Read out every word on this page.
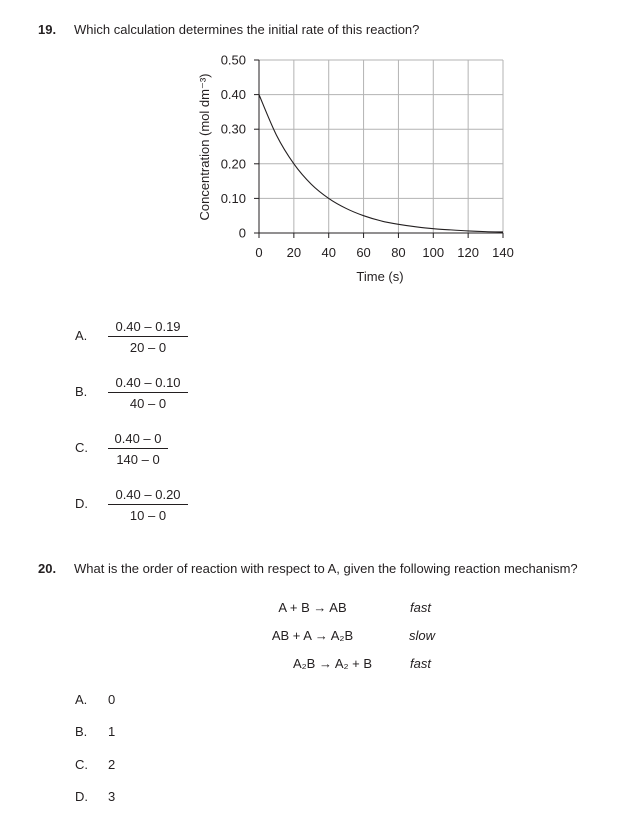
19. Which calculation determines the initial rate of this reaction?
0 20 40 60 80 100 120 140
0
0.10
0.20
0.30
0.40
0.50
Time (s)
Concentration (mol dm⁻³)
A. $\frac{0.40 - 0.19}{20 - 0}$
B. $\frac{0.40 - 0.10}{40 - 0}$
C. $\frac{0.40 - 0}{140 - 0}$
D. $\frac{0.40 - 0.20}{10 - 0}$
20. What is the order of reaction with respect to A, given the following reaction mechanism?
A + B → AB	fast
AB + A → A₂B	slow
A₂B → A₂ + B	fast
A. 0
B. 1
C. 2
D. 3
